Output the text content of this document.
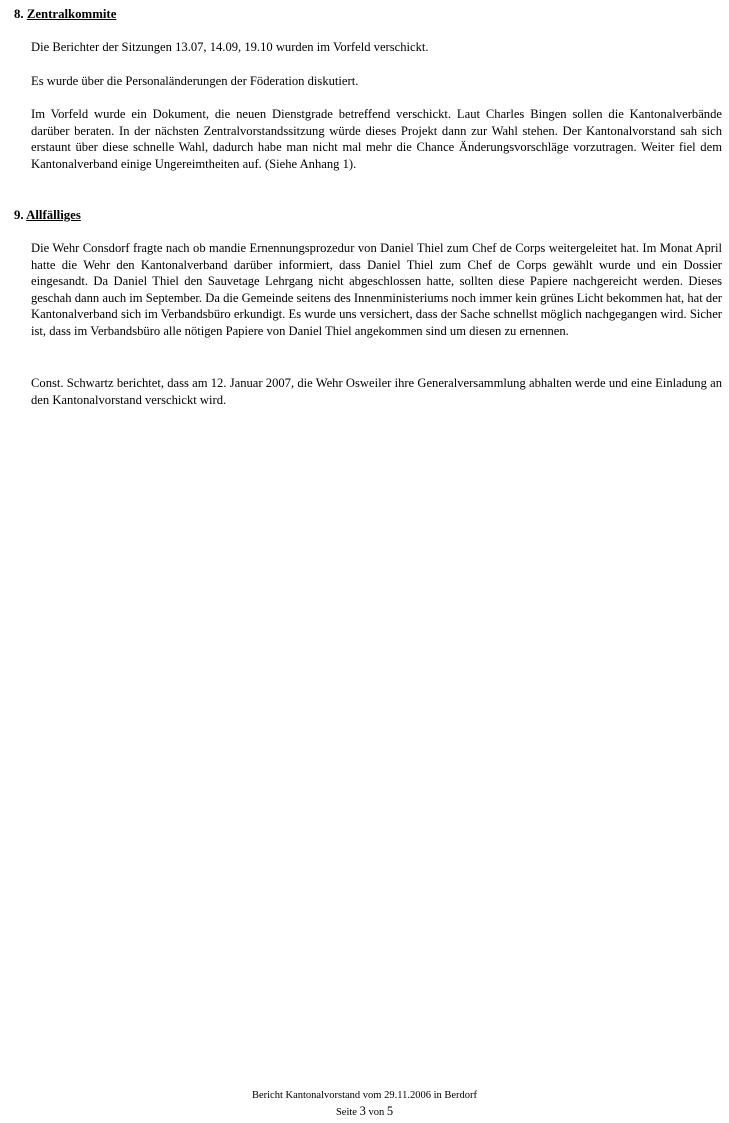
8. Zentralkommite

Die Berichter der Sitzungen 13.07, 14.09, 19.10 wurden im Vorfeld verschickt.

Es wurde über die Personaländerungen der Föderation diskutiert.

Im Vorfeld wurde ein Dokument, die neuen Dienstgrade betreffend verschickt. Laut Charles Bingen sollen die Kantonalverbände darüber beraten. In der nächsten Zentralvorstandssitzung würde dieses Projekt dann zur Wahl stehen. Der Kantonalvorstand sah sich erstaunt über diese schnelle Wahl, dadurch habe man nicht mal mehr die Chance Änderungsvorschläge vorzutragen. Weiter fiel dem Kantonalverband einige Ungereimtheiten auf. (Siehe Anhang 1).

9. Allfälliges

Die Wehr Consdorf fragte nach ob mandie Ernennungsprozedur von Daniel Thiel zum Chef de Corps weitergeleitet hat. Im Monat April hatte die Wehr den Kantonalverband darüber informiert, dass Daniel Thiel zum Chef de Corps gewählt wurde und ein Dossier eingesandt. Da Daniel Thiel den Sauvetage Lehrgang nicht abgeschlossen hatte, sollten diese Papiere nachgereicht werden. Dieses geschah dann auch im September. Da die Gemeinde seitens des Innenministeriums noch immer kein grünes Licht bekommen hat, hat der Kantonalverband sich im Verbandsbüro erkundigt. Es wurde uns versichert, dass der Sache schnellst möglich nachgegangen wird. Sicher ist, dass im Verbandsbüro alle nötigen Papiere von Daniel Thiel angekommen sind um diesen zu ernennen.

Const. Schwartz berichtet, dass am 12. Januar 2007, die Wehr Osweiler ihre Generalversammlung abhalten werde und eine Einladung an den Kantonalvorstand verschickt wird.

Bericht Kantonalvorstand vom 29.11.2006 in Berdorf
Seite 3 von 5
